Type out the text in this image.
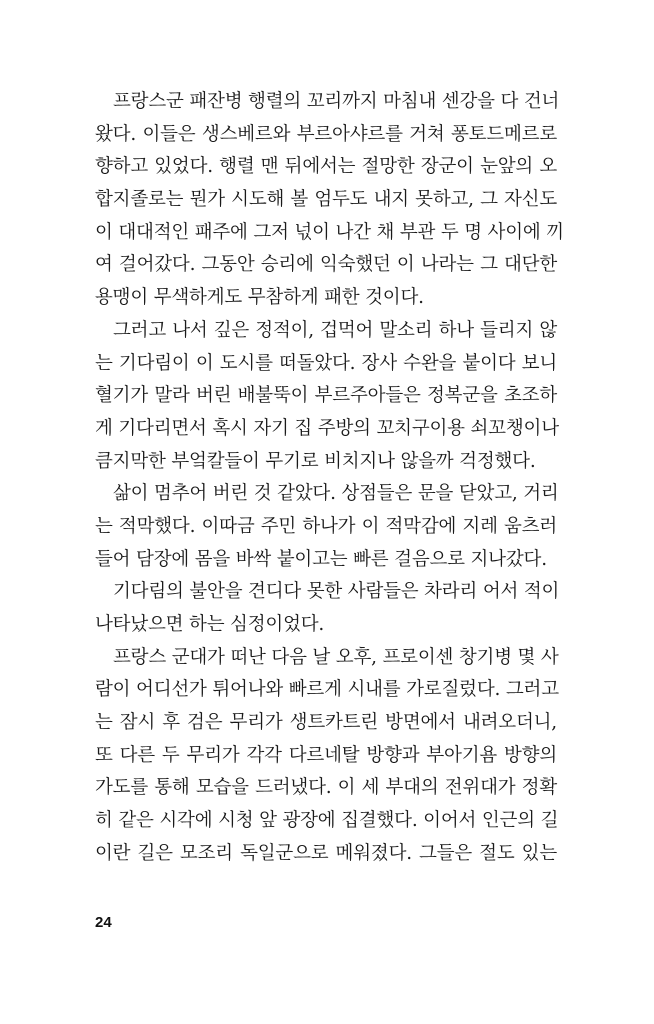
프랑스군 패잔병 행렬의 꼬리까지 마침내 센강을 다 건너
왔다. 이들은 생스베르와 부르아샤르를 거쳐 퐁토드메르로
향하고 있었다. 행렬 맨 뒤에서는 절망한 장군이 눈앞의 오
합지졸로는 뭔가 시도해 볼 엄두도 내지 못하고, 그 자신도
이 대대적인 패주에 그저 넋이 나간 채 부관 두 명 사이에 끼
여 걸어갔다. 그동안 승리에 익숙했던 이 나라는 그 대단한
용맹이 무색하게도 무참하게 패한 것이다.
그러고 나서 깊은 정적이, 겁먹어 말소리 하나 들리지 않
는 기다림이 이 도시를 떠돌았다. 장사 수완을 붙이다 보니
혈기가 말라 버린 배불뚝이 부르주아들은 정복군을 초조하
게 기다리면서 혹시 자기 집 주방의 꼬치구이용 쇠꼬챙이나
큼지막한 부엌칼들이 무기로 비치지나 않을까 걱정했다.
삶이 멈추어 버린 것 같았다. 상점들은 문을 닫았고, 거리
는 적막했다. 이따금 주민 하나가 이 적막감에 지레 움츠러
들어 담장에 몸을 바싹 붙이고는 빠른 걸음으로 지나갔다.
기다림의 불안을 견디다 못한 사람들은 차라리 어서 적이
나타났으면 하는 심정이었다.
프랑스 군대가 떠난 다음 날 오후, 프로이센 창기병 몇 사
람이 어디선가 튀어나와 빠르게 시내를 가로질렀다. 그러고
는 잠시 후 검은 무리가 생트카트린 방면에서 내려오더니,
또 다른 두 무리가 각각 다르네탈 방향과 부아기욤 방향의
가도를 통해 모습을 드러냈다. 이 세 부대의 전위대가 정확
히 같은 시각에 시청 앞 광장에 집결했다. 이어서 인근의 길
이란 길은 모조리 독일군으로 메워졌다. 그들은 절도 있는
24
